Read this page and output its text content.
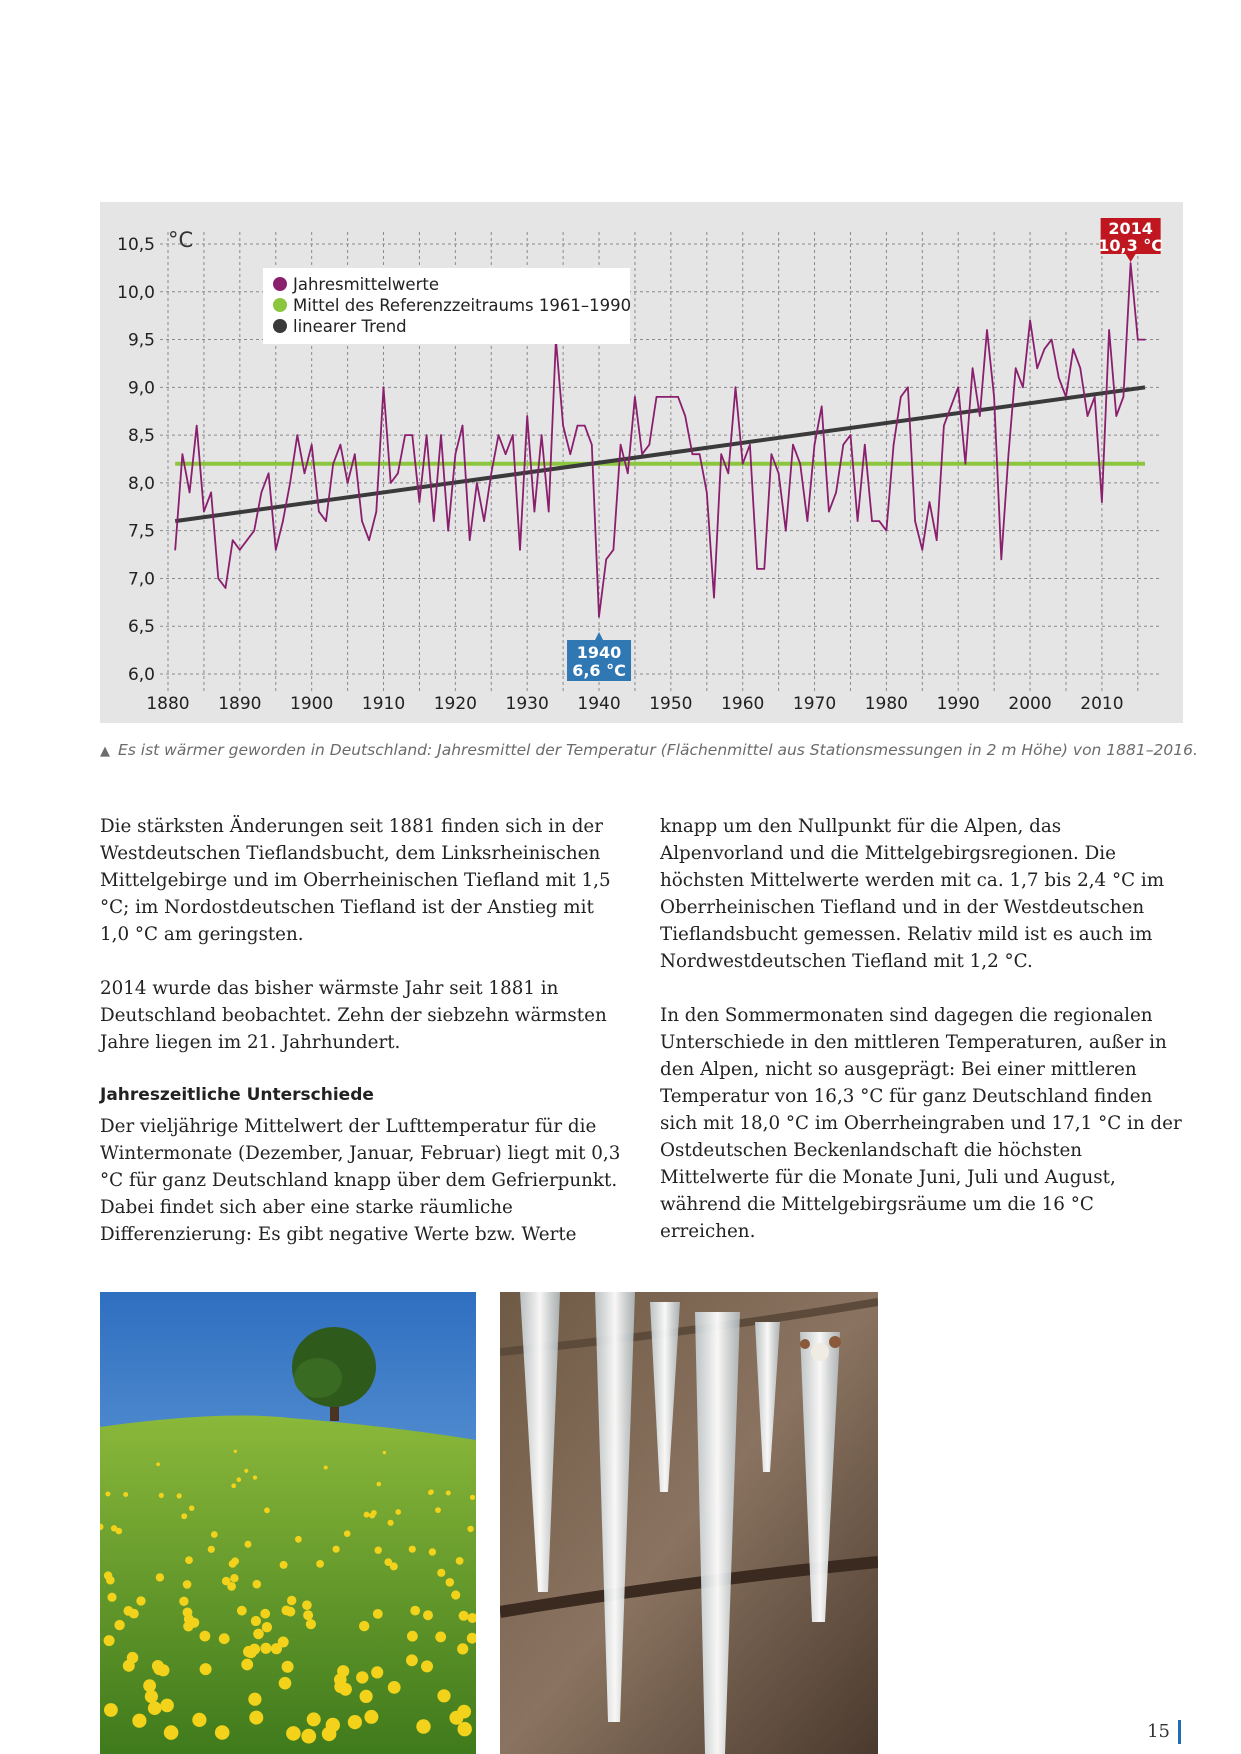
10,5
10,0
9,5
9,0
8,5
8,0
7,5
7,0
6,5
6,0
°C
1880 1890 1900 1910 1920 1930 1940 1950 1960 1970 1980 1990 2000 2010
Jahresmittelwerte
Mittel des Referenzzeitraums 1961–1990
linearer Trend
2014
10,3 °C
1940
6,6 °C
▲ Es ist wärmer geworden in Deutschland: Jahresmittel der Temperatur (Flächenmittel aus Stationsmessungen in 2 m Höhe) von 1881–2016.

Die stärksten Änderungen seit 1881 finden sich in der Westdeutschen Tieflandsbucht, dem Linksrheinischen Mittelgebirge und im Oberrheinischen Tiefland mit 1,5 °C; im Nordostdeutschen Tiefland ist der Anstieg mit 1,0 °C am geringsten.

2014 wurde das bisher wärmste Jahr seit 1881 in Deutschland beobachtet. Zehn der siebzehn wärmsten Jahre liegen im 21. Jahrhundert.

Jahreszeitliche Unterschiede

Der vieljährige Mittelwert der Lufttemperatur für die Wintermonate (Dezember, Januar, Februar) liegt mit 0,3 °C für ganz Deutschland knapp über dem Gefrierpunkt. Dabei findet sich aber eine starke räumliche Differenzierung: Es gibt negative Werte bzw. Werte knapp um den Nullpunkt für die Alpen, das Alpenvorland und die Mittelgebirgsregionen. Die höchsten Mittelwerte werden mit ca. 1,7 bis 2,4 °C im Oberrheinischen Tiefland und in der Westdeutschen Tieflandsbucht gemessen. Relativ mild ist es auch im Nordwestdeutschen Tiefland mit 1,2 °C.

In den Sommermonaten sind dagegen die regionalen Unterschiede in den mittleren Temperaturen, außer in den Alpen, nicht so ausgeprägt: Bei einer mittleren Temperatur von 16,3 °C für ganz Deutschland finden sich mit 18,0 °C im Oberrheingraben und 17,1 °C in der Ostdeutschen Beckenlandschaft die höchsten Mittelwerte für die Monate Juni, Juli und August, während die Mittelgebirgsräume um die 16 °C erreichen.

15
